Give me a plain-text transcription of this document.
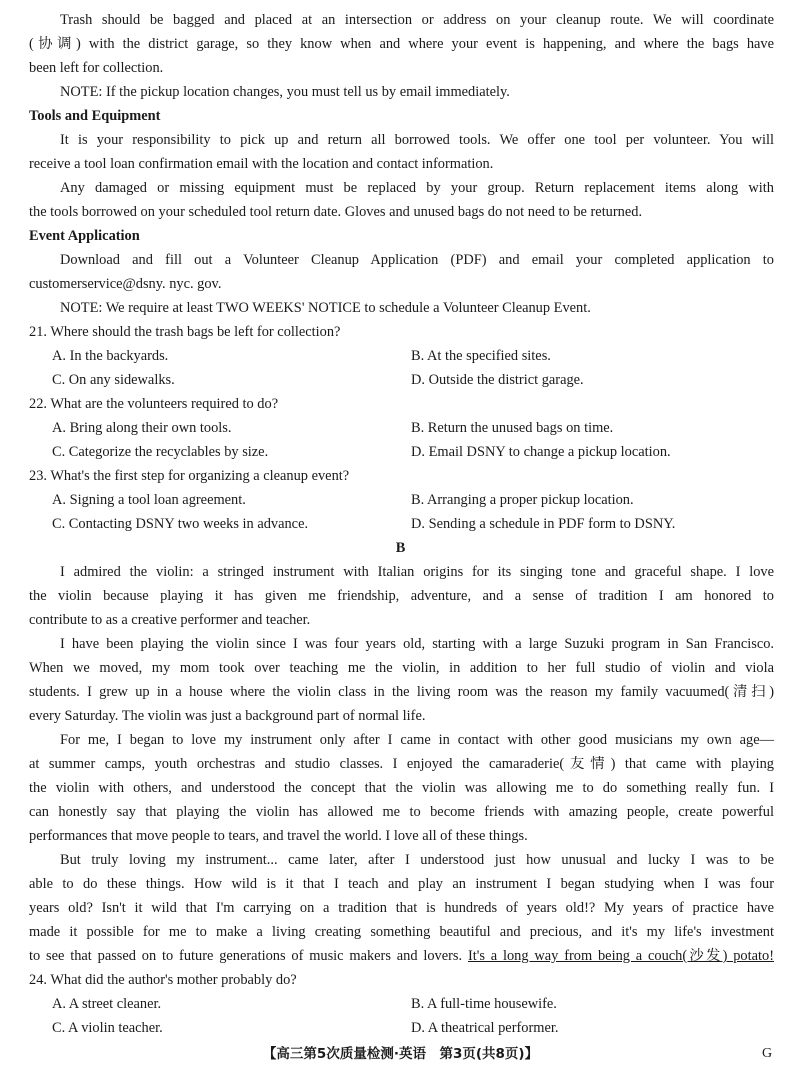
Trash should be bagged and placed at an intersection or address on your cleanup route. We will coordinate
(协调) with the district garage, so they know when and where your event is happening, and where the bags have
been left for collection.
NOTE: If the pickup location changes, you must tell us by email immediately.
Tools and Equipment
It is your responsibility to pick up and return all borrowed tools. We offer one tool per volunteer. You will
receive a tool loan confirmation email with the location and contact information.
Any damaged or missing equipment must be replaced by your group. Return replacement items along with
the tools borrowed on your scheduled tool return date. Gloves and unused bags do not need to be returned.
Event Application
Download and fill out a Volunteer Cleanup Application (PDF) and email your completed application to
customerservice@dsny. nyc. gov.
NOTE: We require at least TWO WEEKS' NOTICE to schedule a Volunteer Cleanup Event.
21. Where should the trash bags be left for collection?
A. In the backyards.	B. At the specified sites.
C. On any sidewalks.	D. Outside the district garage.
22. What are the volunteers required to do?
A. Bring along their own tools.	B. Return the unused bags on time.
C. Categorize the recyclables by size.	D. Email DSNY to change a pickup location.
23. What's the first step for organizing a cleanup event?
A. Signing a tool loan agreement.	B. Arranging a proper pickup location.
C. Contacting DSNY two weeks in advance.	D. Sending a schedule in PDF form to DSNY.
B
I admired the violin: a stringed instrument with Italian origins for its singing tone and graceful shape. I love
the violin because playing it has given me friendship, adventure, and a sense of tradition I am honored to
contribute to as a creative performer and teacher.
I have been playing the violin since I was four years old, starting with a large Suzuki program in San Francisco.
When we moved, my mom took over teaching me the violin, in addition to her full studio of violin and viola
students. I grew up in a house where the violin class in the living room was the reason my family vacuumed(清扫)
every Saturday. The violin was just a background part of normal life.
For me, I began to love my instrument only after I came in contact with other good musicians my own age—
at summer camps, youth orchestras and studio classes. I enjoyed the camaraderie(友情) that came with playing
the violin with others, and understood the concept that the violin was allowing me to do something really fun. I
can honestly say that playing the violin has allowed me to become friends with amazing people, create powerful
performances that move people to tears, and travel the world. I love all of these things.
But truly loving my instrument... came later, after I understood just how unusual and lucky I was to be
able to do these things. How wild is it that I teach and play an instrument I began studying when I was four
years old? Isn't it wild that I'm carrying on a tradition that is hundreds of years old!? My years of practice have
made it possible for me to make a living creating something beautiful and precious, and it's my life's investment
to see that passed on to future generations of music makers and lovers. It's a long way from being a couch(沙发) potato!
24. What did the author's mother probably do?
A. A street cleaner.	B. A full-time housewife.
C. A violin teacher.	D. A theatrical performer.
【高三第5次质量检测·英语　第3页(共8页)】	G
